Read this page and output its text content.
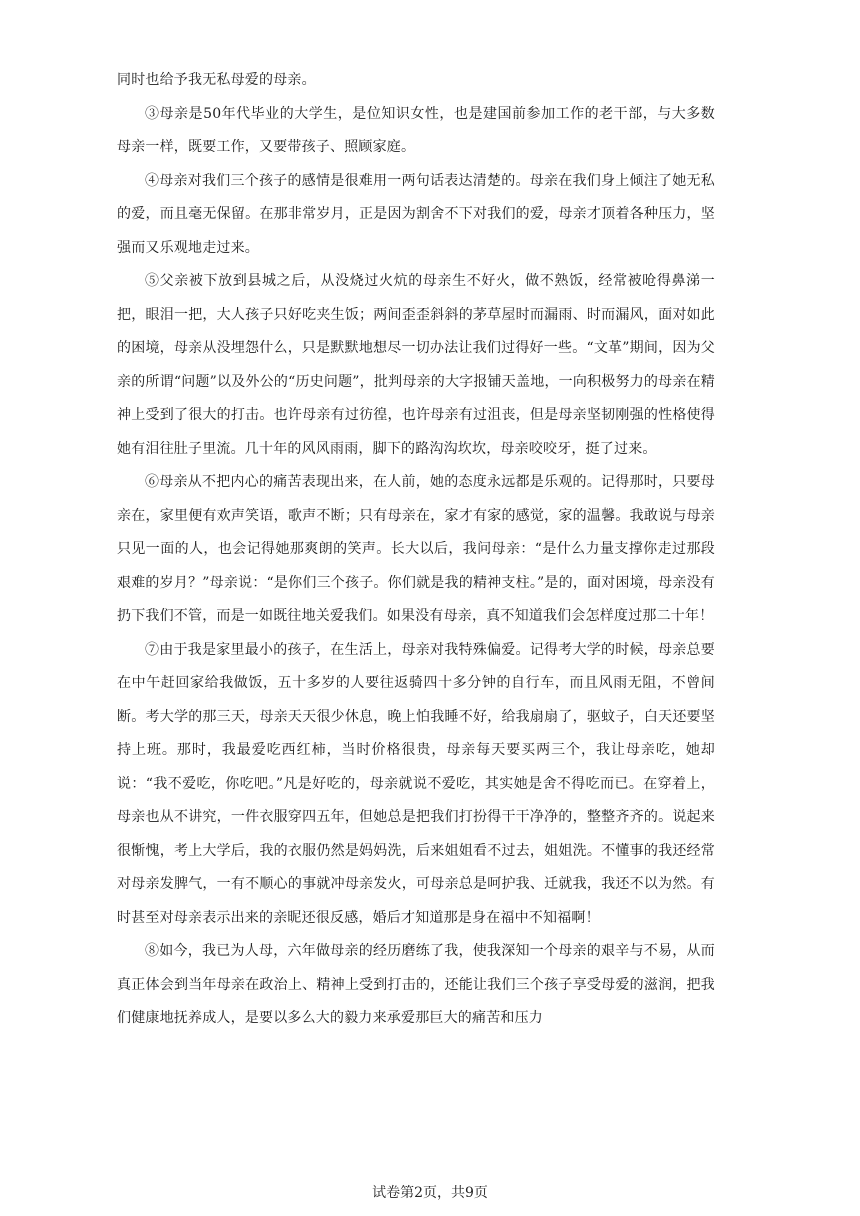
同时也给予我无私母爱的母亲。

③母亲是50年代毕业的大学生，是位知识女性，也是建国前参加工作的老干部，与大多数母亲一样，既要工作，又要带孩子、照顾家庭。

④母亲对我们三个孩子的感情是很难用一两句话表达清楚的。母亲在我们身上倾注了她无私的爱，而且毫无保留。在那非常岁月，正是因为割舍不下对我们的爱，母亲才顶着各种压力，坚强而又乐观地走过来。

⑤父亲被下放到县城之后，从没烧过火炕的母亲生不好火，做不熟饭，经常被呛得鼻涕一把，眼泪一把，大人孩子只好吃夹生饭；两间歪歪斜斜的茅草屋时而漏雨、时而漏风，面对如此的困境，母亲从没埋怨什么，只是默默地想尽一切办法让我们过得好一些。“文革”期间，因为父亲的所谓“问题”以及外公的“历史问题”，批判母亲的大字报铺天盖地，一向积极努力的母亲在精神上受到了很大的打击。也许母亲有过彷徨，也许母亲有过沮丧，但是母亲坚韧刚强的性格使得她有泪往肚子里流。几十年的风风雨雨，脚下的路沟沟坎坎，母亲咬咬牙，挺了过来。

⑥母亲从不把内心的痛苦表现出来，在人前，她的态度永远都是乐观的。记得那时，只要母亲在，家里便有欢声笑语，歌声不断；只有母亲在，家才有家的感觉，家的温馨。我敢说与母亲只见一面的人，也会记得她那爽朗的笑声。长大以后，我问母亲：“是什么力量支撑你走过那段艰难的岁月？”母亲说：“是你们三个孩子。你们就是我的精神支柱。”是的，面对困境，母亲没有扔下我们不管，而是一如既往地关爱我们。如果没有母亲，真不知道我们会怎样度过那二十年！

⑦由于我是家里最小的孩子，在生活上，母亲对我特殊偏爱。记得考大学的时候，母亲总要在中午赶回家给我做饭，五十多岁的人要往返骑四十多分钟的自行车，而且风雨无阻，不曾间断。考大学的那三天，母亲天天很少休息，晚上怕我睡不好，给我扇扇了，驱蚊子，白天还要坚持上班。那时，我最爱吃西红柿，当时价格很贵，母亲每天要买两三个，我让母亲吃，她却说：“我不爱吃，你吃吧。”凡是好吃的，母亲就说不爱吃，其实她是舍不得吃而已。在穿着上，母亲也从不讲究，一件衣服穿四五年，但她总是把我们打扮得干干净净的，整整齐齐的。说起来很惭愧，考上大学后，我的衣服仍然是妈妈洗，后来姐姐看不过去，姐姐洗。不懂事的我还经常对母亲发脾气，一有不顺心的事就冲母亲发火，可母亲总是呵护我、迁就我，我还不以为然。有时甚至对母亲表示出来的亲昵还很反感，婚后才知道那是身在福中不知福啊！

⑧如今，我已为人母，六年做母亲的经历磨练了我，使我深知一个母亲的艰辛与不易，从而真正体会到当年母亲在政治上、精神上受到打击的，还能让我们三个孩子享受母爱的滋润，把我们健康地抚养成人，是要以多么大的毅力来承爱那巨大的痛苦和压力

试卷第2页，共9页
